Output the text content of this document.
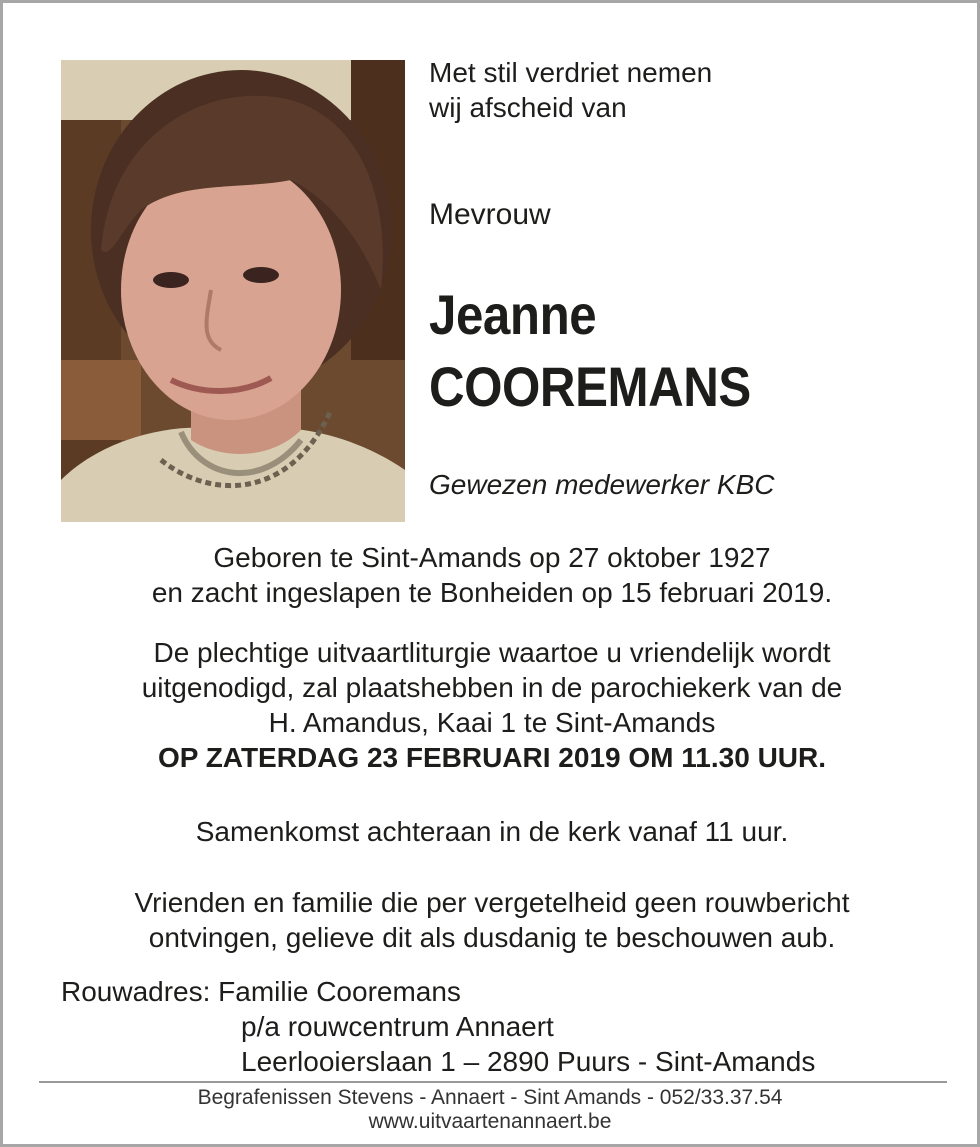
Met stil verdriet nemen
wij afscheid van
Mevrouw
Jeanne
COOREMANS
Gewezen medewerker KBC
Geboren te Sint-Amands op 27 oktober 1927
en zacht ingeslapen te Bonheiden op 15 februari 2019.
De plechtige uitvaartliturgie waartoe u vriendelijk wordt
uitgenodigd, zal plaatshebben in de parochiekerk van de
H. Amandus, Kaai 1 te Sint-Amands
OP ZATERDAG 23 FEBRUARI 2019 OM 11.30 UUR.
Samenkomst achteraan in de kerk vanaf 11 uur.
Vrienden en familie die per vergetelheid geen rouwbericht
ontvingen, gelieve dit als dusdanig te beschouwen aub.
Rouwadres: Familie Cooremans
p/a rouwcentrum Annaert
Leerlooierslaan 1 – 2890 Puurs - Sint-Amands
Begrafenissen Stevens - Annaert - Sint Amands - 052/33.37.54
www.uitvaartenannaert.be
